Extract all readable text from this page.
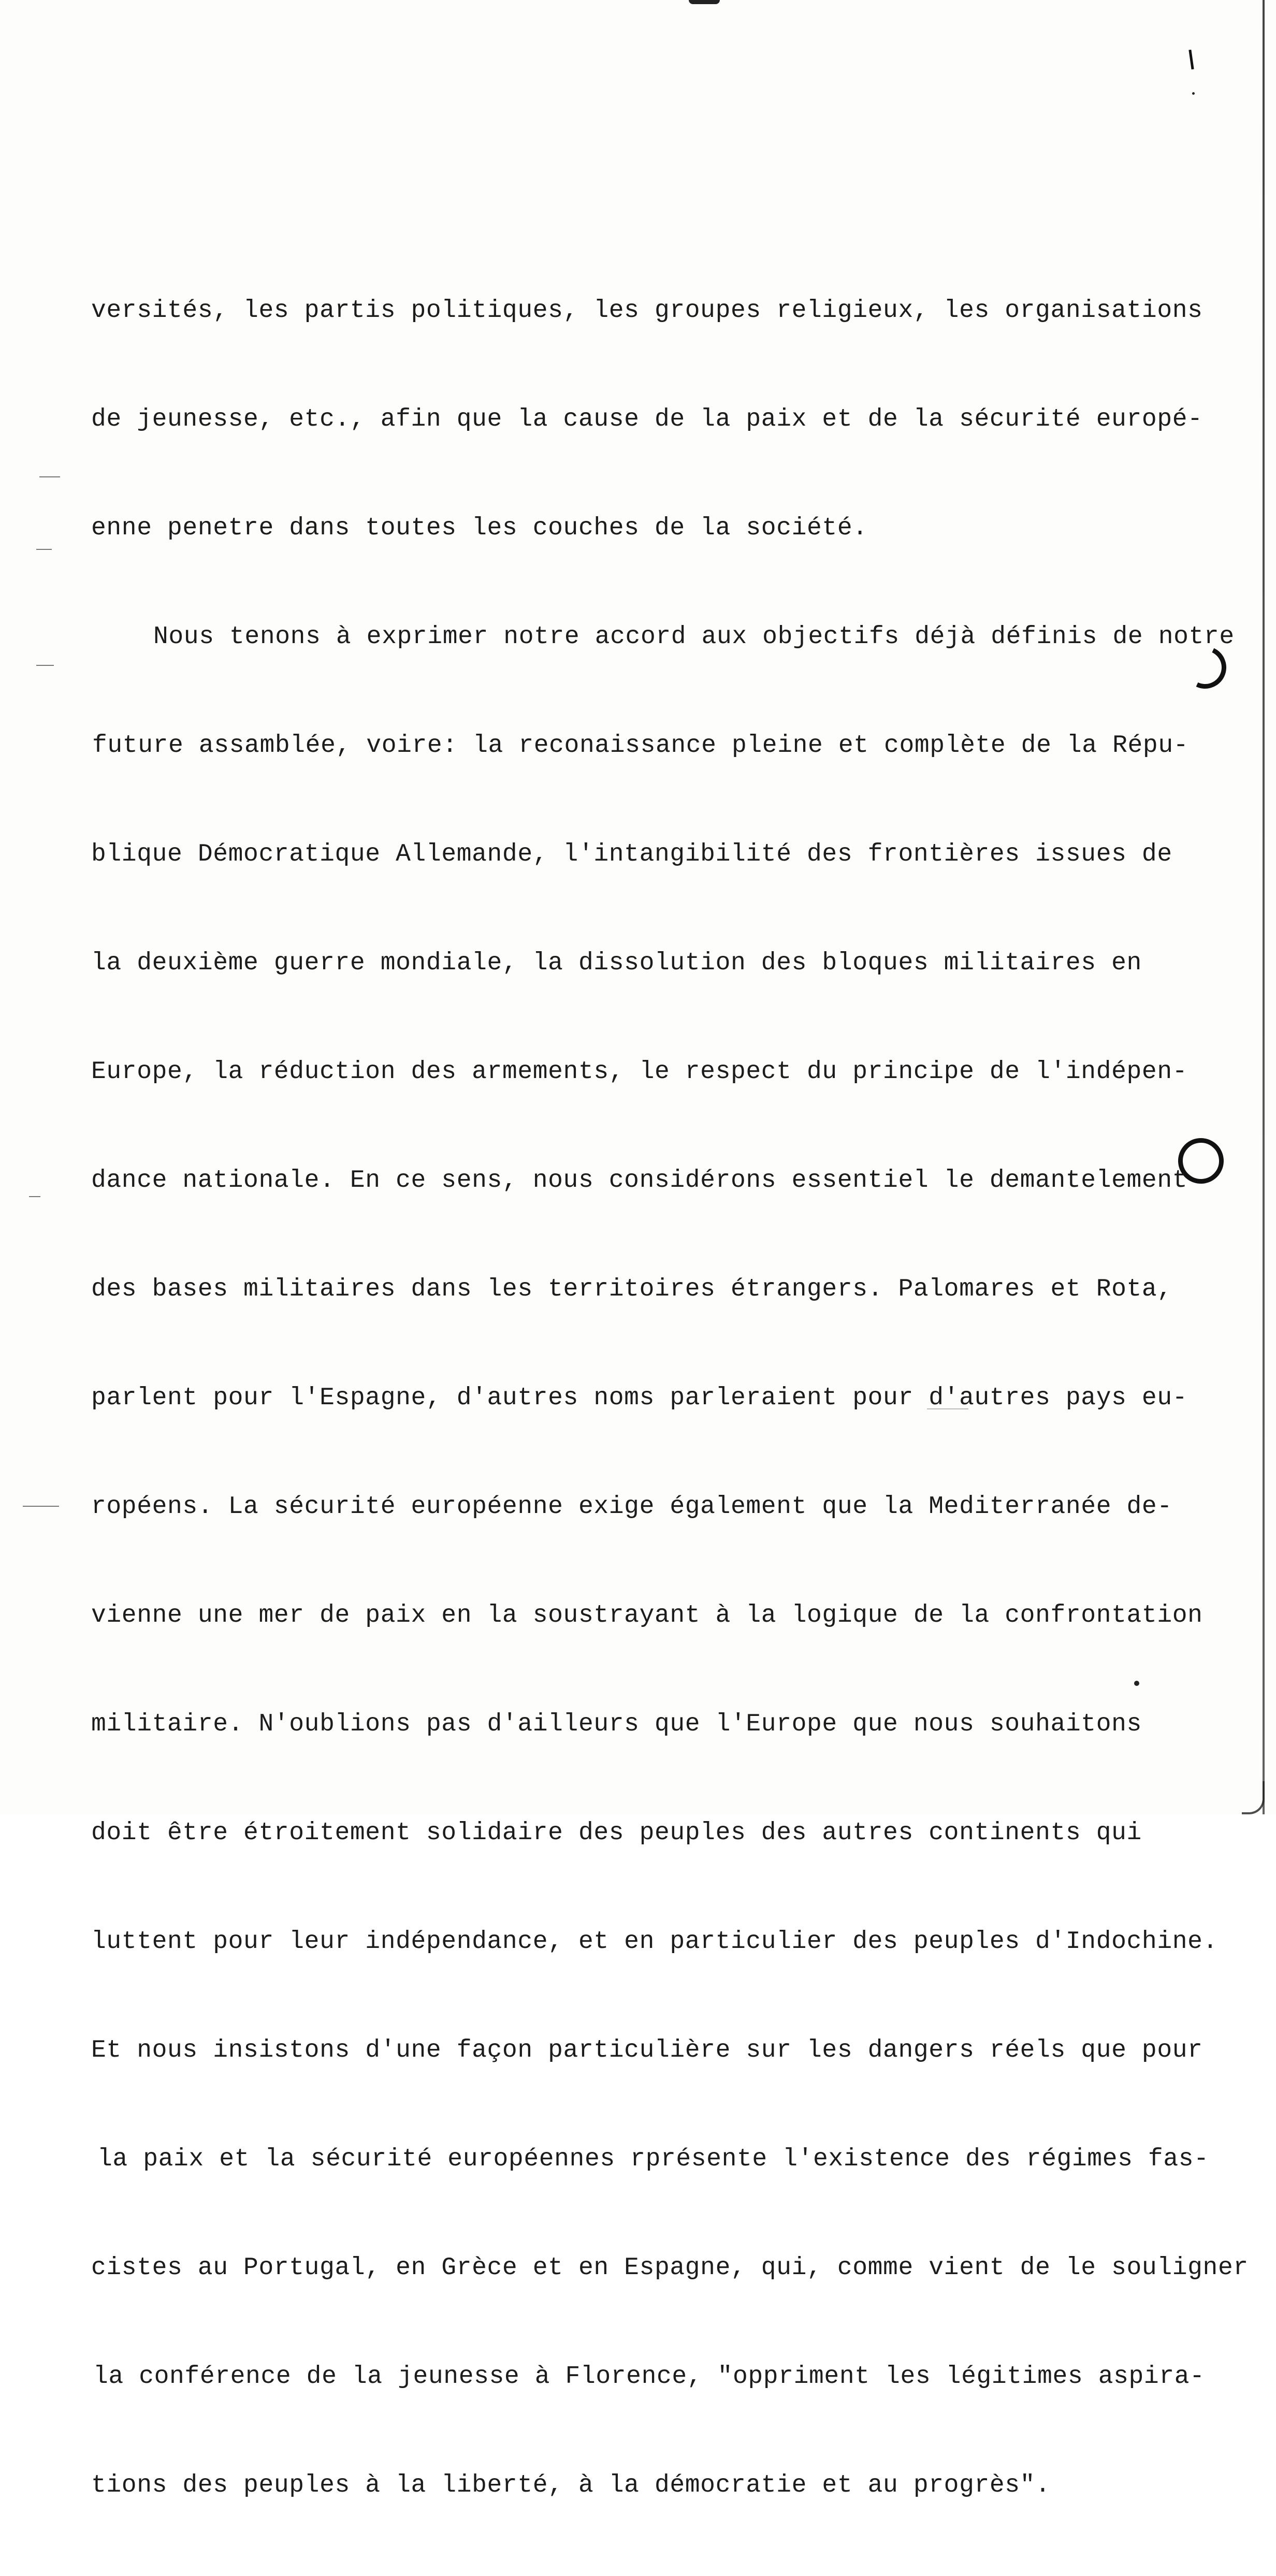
versités, les partis politiques, les groupes religieux, les organisations

de jeunesse, etc., afin que la cause de la paix et de la sécurité europé-

enne penetre dans toutes les couches de la société.

Nous tenons à exprimer notre accord aux objectifs déjà définis de notre

future assamblée, voire: la reconaissance pleine et complète de la Répu-

blique Démocratique Allemande, l'intangibilité des frontières issues de

la deuxième guerre mondiale, la dissolution des bloques militaires en

Europe, la réduction des armements, le respect du principe de l'indépen-

dance nationale. En ce sens, nous considérons essentiel le demantelement

des bases militaires dans les territoires étrangers. Palomares et Rota,

parlent pour l'Espagne, d'autres noms parleraient pour d'autres pays eu-

ropéens. La sécurité européenne exige également que la Mediterranée de-

vienne une mer de paix en la soustrayant à la logique de la confrontation

militaire. N'oublions pas d'ailleurs que l'Europe que nous souhaitons

doit être étroitement solidaire des peuples des autres continents qui

luttent pour leur indépendance, et en particulier des peuples d'Indochine.

Et nous insistons d'une façon particulière sur les dangers réels que pour

la paix et la sécurité européennes rprésente l'existence des régimes fas-

cistes au Portugal, en Grèce et en Espagne, qui, comme vient de le souligner

la conférence de la jeunesse à Florence, "oppriment les légitimes aspira-

tions des peuples à la liberté, à la démocratie et au progrès".
